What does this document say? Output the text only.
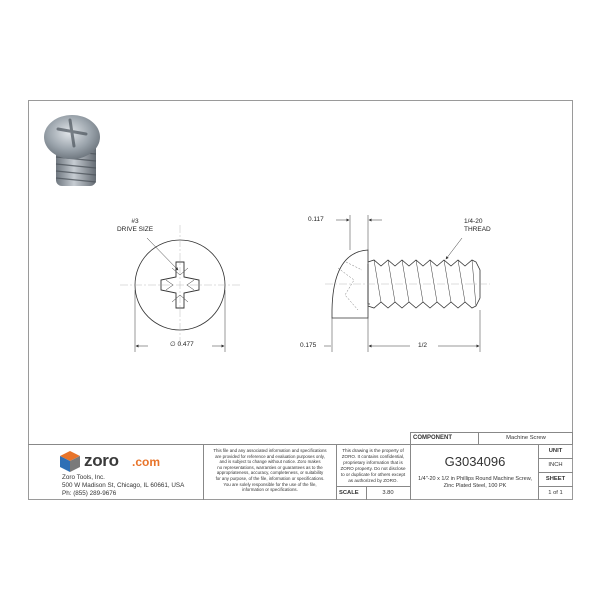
#3
DRIVE SIZE
∅ 0.477
0.117
0.175	1/2
1/4-20
THREAD
zoro .com
Zoro Tools, Inc.
500 W Madison St, Chicago, IL 60661, USA
Ph: (855) 289-9676
This file and any associated information and specifications
are provided for reference and evaluation purposes only,
and is subject to change without notice. Zoro makes
no representations, warranties or guarantees as to the
appropriateness, accuracy, completeness, or suitability
for any purpose, of the file, information or specifications.
You are solely responsible for the use of the file,
information or specifications.
This drawing is the property of
ZORO. It contains confidential,
proprietary information that is
ZORO property. Do not disclose
to or duplicate for others except
as authorized by ZORO.
SCALE	3.80
COMPONENT	Machine Screw
G3034096
1/4"-20 x 1/2 in Phillips Round Machine Screw,
Zinc Plated Steel, 100 PK
UNIT
INCH
SHEET
1 of 1
